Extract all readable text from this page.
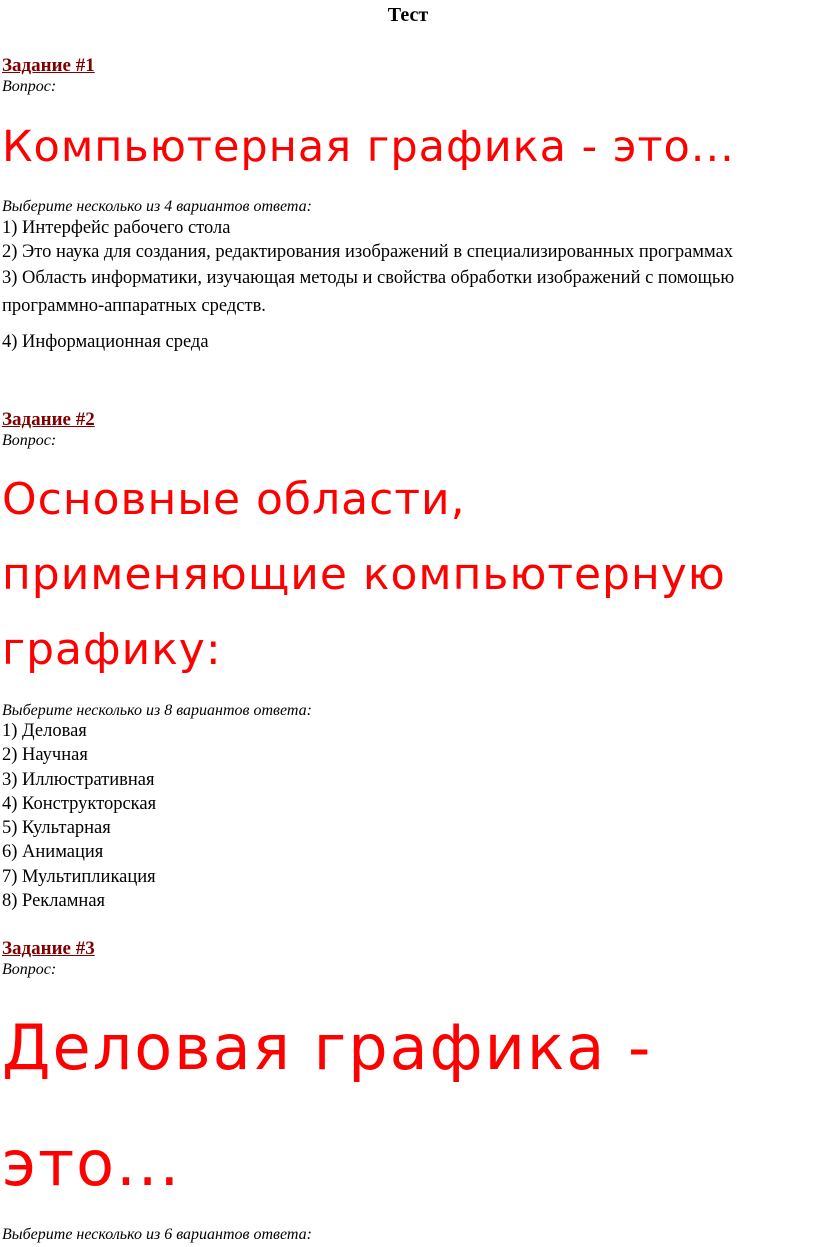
Тест
Задание #1
Вопрос:
Компьютерная графика - это...
Выберите несколько из 4 вариантов ответа:
1) Интерфейс рабочего стола
2) Это наука для создания, редактирования изображений в специализированных программах
3) Область информатики, изучающая методы и свойства обработки изображений с помощью программно-аппаратных средств.
4) Информационная среда
Задание #2
Вопрос:
Основные области, применяющие компьютерную графику:
Выберите несколько из 8 вариантов ответа:
1) Деловая
2) Научная
3) Иллюстративная
4) Конструкторская
5) Культарная
6) Анимация
7) Мультипликация
8) Рекламная
Задание #3
Вопрос:
Деловая графика - это...
Выберите несколько из 6 вариантов ответа:
